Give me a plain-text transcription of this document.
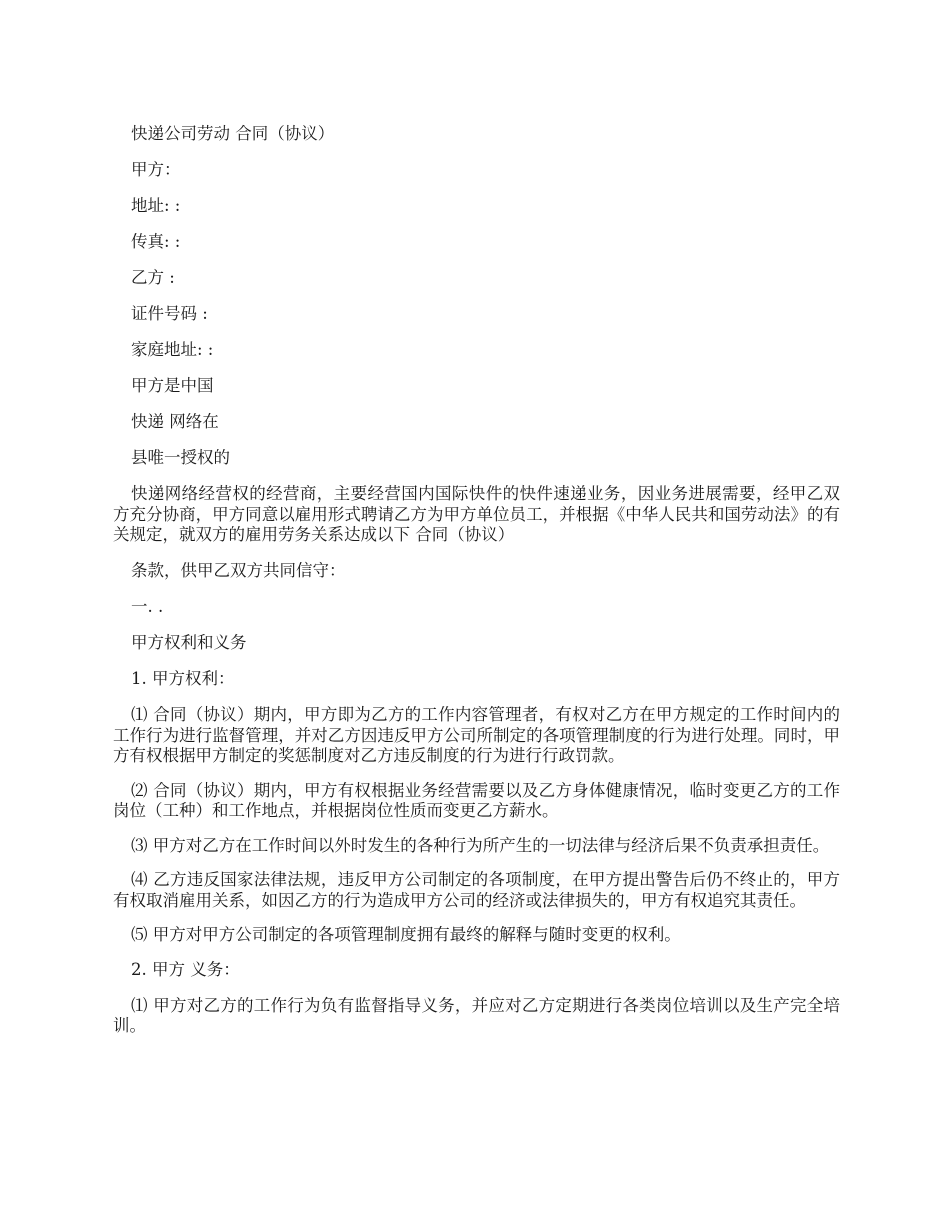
快递公司劳动 合同（协议）
甲方：
地址: :
传真: :
乙方 :
证件号码 :
家庭地址: :
甲方是中国
快递 网络在
县唯一授权的
快递网络经营权的经营商，主要经营国内国际快件的快件速递业务，因业务进展需要，经甲乙双方充分协商，甲方同意以雇用形式聘请乙方为甲方单位员工，并根据《中华人民共和国劳动法》的有关规定，就双方的雇用劳务关系达成以下 合同（协议）
条款，供甲乙双方共同信守：
一. .
甲方权利和义务
1. 甲方权利：
⑴ 合同（协议）期内，甲方即为乙方的工作内容管理者，有权对乙方在甲方规定的工作时间内的工作行为进行监督管理，并对乙方因违反甲方公司所制定的各项管理制度的行为进行处理。同时，甲方有权根据甲方制定的奖惩制度对乙方违反制度的行为进行行政罚款。
⑵ 合同（协议）期内，甲方有权根据业务经营需要以及乙方身体健康情况，临时变更乙方的工作岗位（工种）和工作地点，并根据岗位性质而变更乙方薪水。
⑶ 甲方对乙方在工作时间以外时发生的各种行为所产生的一切法律与经济后果不负责承担责任。
⑷ 乙方违反国家法律法规，违反甲方公司制定的各项制度，在甲方提出警告后仍不终止的，甲方有权取消雇用关系，如因乙方的行为造成甲方公司的经济或法律损失的，甲方有权追究其责任。
⑸ 甲方对甲方公司制定的各项管理制度拥有最终的解释与随时变更的权利。
2. 甲方 义务：
⑴ 甲方对乙方的工作行为负有监督指导义务，并应对乙方定期进行各类岗位培训以及生产完全培训。
